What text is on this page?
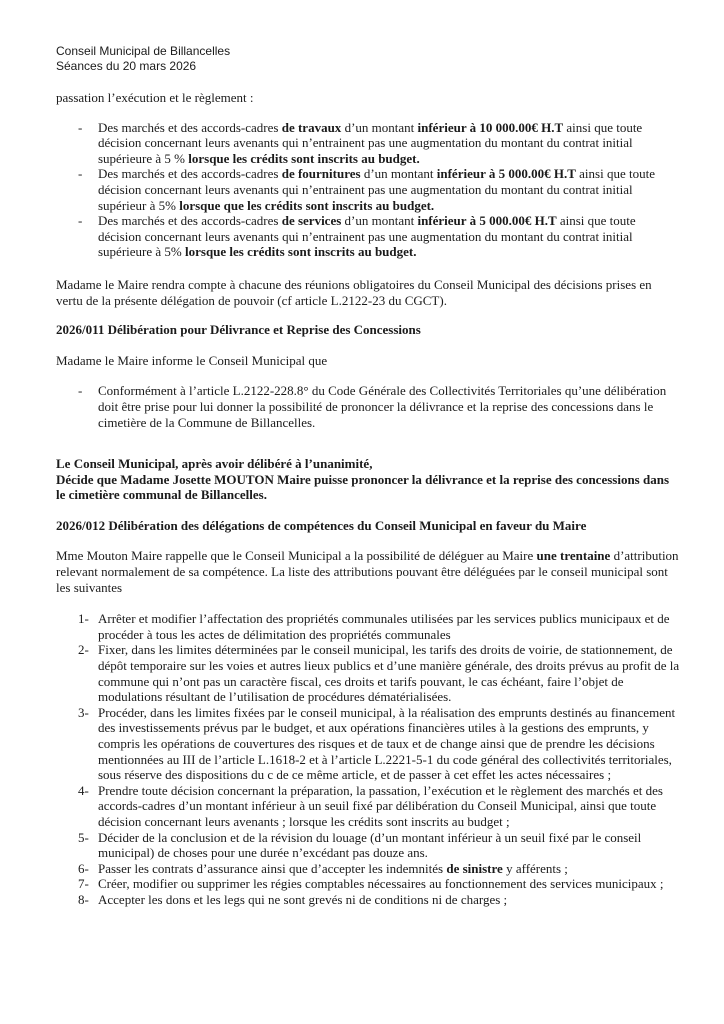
Conseil Municipal de Billancelles
Séances du 20 mars 2026

passation l’exécution et le règlement :

-	Des marchés et des accords-cadres de travaux d’un montant inférieur à 10 000.00€ H.T ainsi que toute décision concernant leurs avenants qui n’entrainent pas une augmentation du montant du contrat initial supérieure à 5 % lorsque les crédits sont inscrits au budget.
-	Des marchés et des accords-cadres de fournitures d’un montant inférieur à 5 000.00€ H.T ainsi que toute décision concernant leurs avenants qui n’entrainent pas une augmentation du montant du contrat initial supérieur à 5% lorsque que les crédits sont inscrits au budget.
-	Des marchés et des accords-cadres de services d’un montant inférieur à 5 000.00€ H.T ainsi que toute décision concernant leurs avenants qui n’entrainent pas une augmentation du montant du contrat initial supérieure à 5% lorsque les crédits sont inscrits au budget.

Madame le Maire rendra compte à chacune des réunions obligatoires du Conseil Municipal des décisions prises en vertu de la présente délégation de pouvoir (cf article L.2122-23 du CGCT).

2026/011 Délibération pour Délivrance et Reprise des Concessions

Madame le Maire informe le Conseil Municipal que

-	Conformément à l’article L.2122-228.8° du Code Générale des Collectivités Territoriales qu’une délibération doit être prise pour lui donner la possibilité de prononcer la délivrance et la reprise des concessions dans le cimetière de la Commune de Billancelles.
Le Conseil Municipal, après avoir délibéré à l’unanimité,
Décide que Madame Josette MOUTON Maire puisse prononcer la délivrance et la reprise des concessions dans le cimetière communal de Billancelles.

2026/012 Délibération des délégations de compétences du Conseil Municipal en faveur du Maire

Mme Mouton Maire rappelle que le Conseil Municipal a la possibilité de déléguer au Maire une trentaine d’attribution relevant normalement de sa compétence. La liste des attributions pouvant être déléguées par le conseil municipal sont les suivantes

1- Arrêter et modifier l’affectation des propriétés communales utilisées par les services publics municipaux et de procéder à tous les actes de délimitation des propriétés communales
2- Fixer, dans les limites déterminées par le conseil municipal, les tarifs des droits de voirie, de stationnement, de dépôt temporaire sur les voies et autres lieux publics et d’une manière générale, des droits prévus au profit de la commune qui n’ont pas un caractère fiscal, ces droits et tarifs pouvant, le cas échéant, faire l’objet de modulations résultant de l’utilisation de procédures dématérialisées.
3- Procéder, dans les limites fixées par le conseil municipal, à la réalisation des emprunts destinés au financement des investissements prévus par le budget, et aux opérations financières utiles à la gestions des emprunts, y compris les opérations de couvertures des risques et de taux et de change ainsi que de prendre les décisions mentionnées au III de l’article L.1618-2 et à l’article L.2221-5-1 du code général des collectivités territoriales, sous réserve des dispositions du c de ce même article, et de passer à cet effet les actes nécessaires ;
4- Prendre toute décision concernant la préparation, la passation, l’exécution et le règlement des marchés et des accords-cadres d’un montant inférieur à un seuil fixé par délibération du Conseil Municipal, ainsi que toute décision concernant leurs avenants ; lorsque les crédits sont inscrits au budget ;
5- Décider de la conclusion et de la révision du louage (d’un montant inférieur à un seuil fixé par le conseil municipal) de choses pour une durée n’excédant pas douze ans.
6- Passer les contrats d’assurance ainsi que d’accepter les indemnités de sinistre y afférents ;
7- Créer, modifier ou supprimer les régies comptables nécessaires au fonctionnement des services municipaux ;
8- Accepter les dons et les legs qui ne sont grevés ni de conditions ni de charges ;
